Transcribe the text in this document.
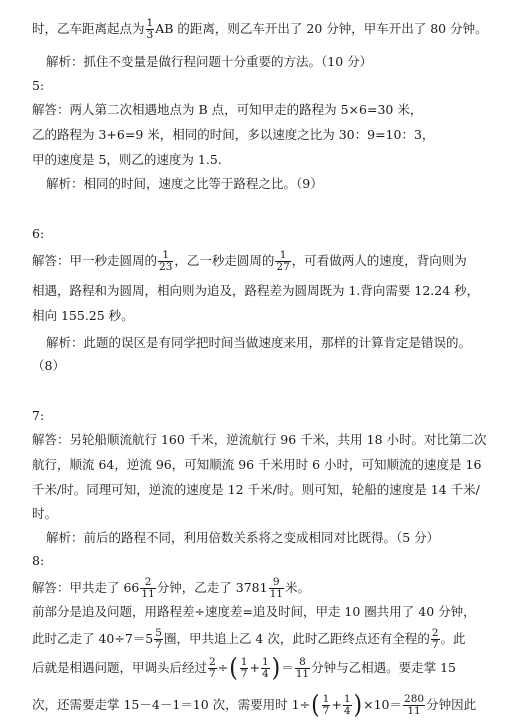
时，乙车距离起点为 $\frac{1}{3}$ AB 的距离，则乙车开出了 20 分钟，甲车开出了 80 分钟。
解析：抓住不变量是做行程问题十分重要的方法。（10 分）
5:
解答：两人第二次相遇地点为 B 点，可知甲走的路程为 5×6=30 米，
乙的路程为 3+6=9 米，相同的时间，多以速度之比为 30：9=10：3，
甲的速度是 5，则乙的速度为 1.5.
解析：相同的时间，速度之比等于路程之比。（9）
6:
解答：甲一秒走圆周的 $\frac{1}{23}$ ，乙一秒走圆周的 $\frac{1}{27}$ ，可看做两人的速度，背向则为
相遇，路程和为圆周，相向则为追及，路程差为圆周既为 1.背向需要 12.24 秒，
相向 155.25 秒。
解析：此题的误区是有同学把时间当做速度来用，那样的计算肯定是错误的。
（8）
7:
解答：另轮船顺流航行 160 千米，逆流航行 96 千米，共用 18 小时。对比第二次
航行，顺流 64，逆流 96，可知顺流 96 千米用时 6 小时，可知顺流的速度是 16
千米/时。同理可知，逆流的速度是 12 千米/时。则可知，轮船的速度是 14 千米/
时。
解析：前后的路程不同，利用倍数关系将之变成相同对比既得。（5 分）
8:
解答：甲共走了 $66 \frac{2}{11}$ 分钟，乙走了 $3781 \frac{9}{11}$ 米。
前部分是追及问题，用路程差÷速度差=追及时间，甲走 10 圈共用了 40 分钟，
此时乙走了 $40\div 7=5 \frac{5}{7}$ 圈，甲共追上乙 4 次，此时乙距终点还有全程的 $\frac{2}{7}$ 。此
后就是相遇问题，甲调头后经过 $\frac{2}{7}$ ÷( $\frac{1}{7} + \frac{1}{4}$ )＝ $\frac{8}{11}$ 分钟与乙相遇。要走掌 15
次，还需要走掌 15－4－1＝10 次，需要用时 $1\div( \frac{1}{7} + \frac{1}{4} )\times 10= \frac{280}{11}$ 分钟因此
